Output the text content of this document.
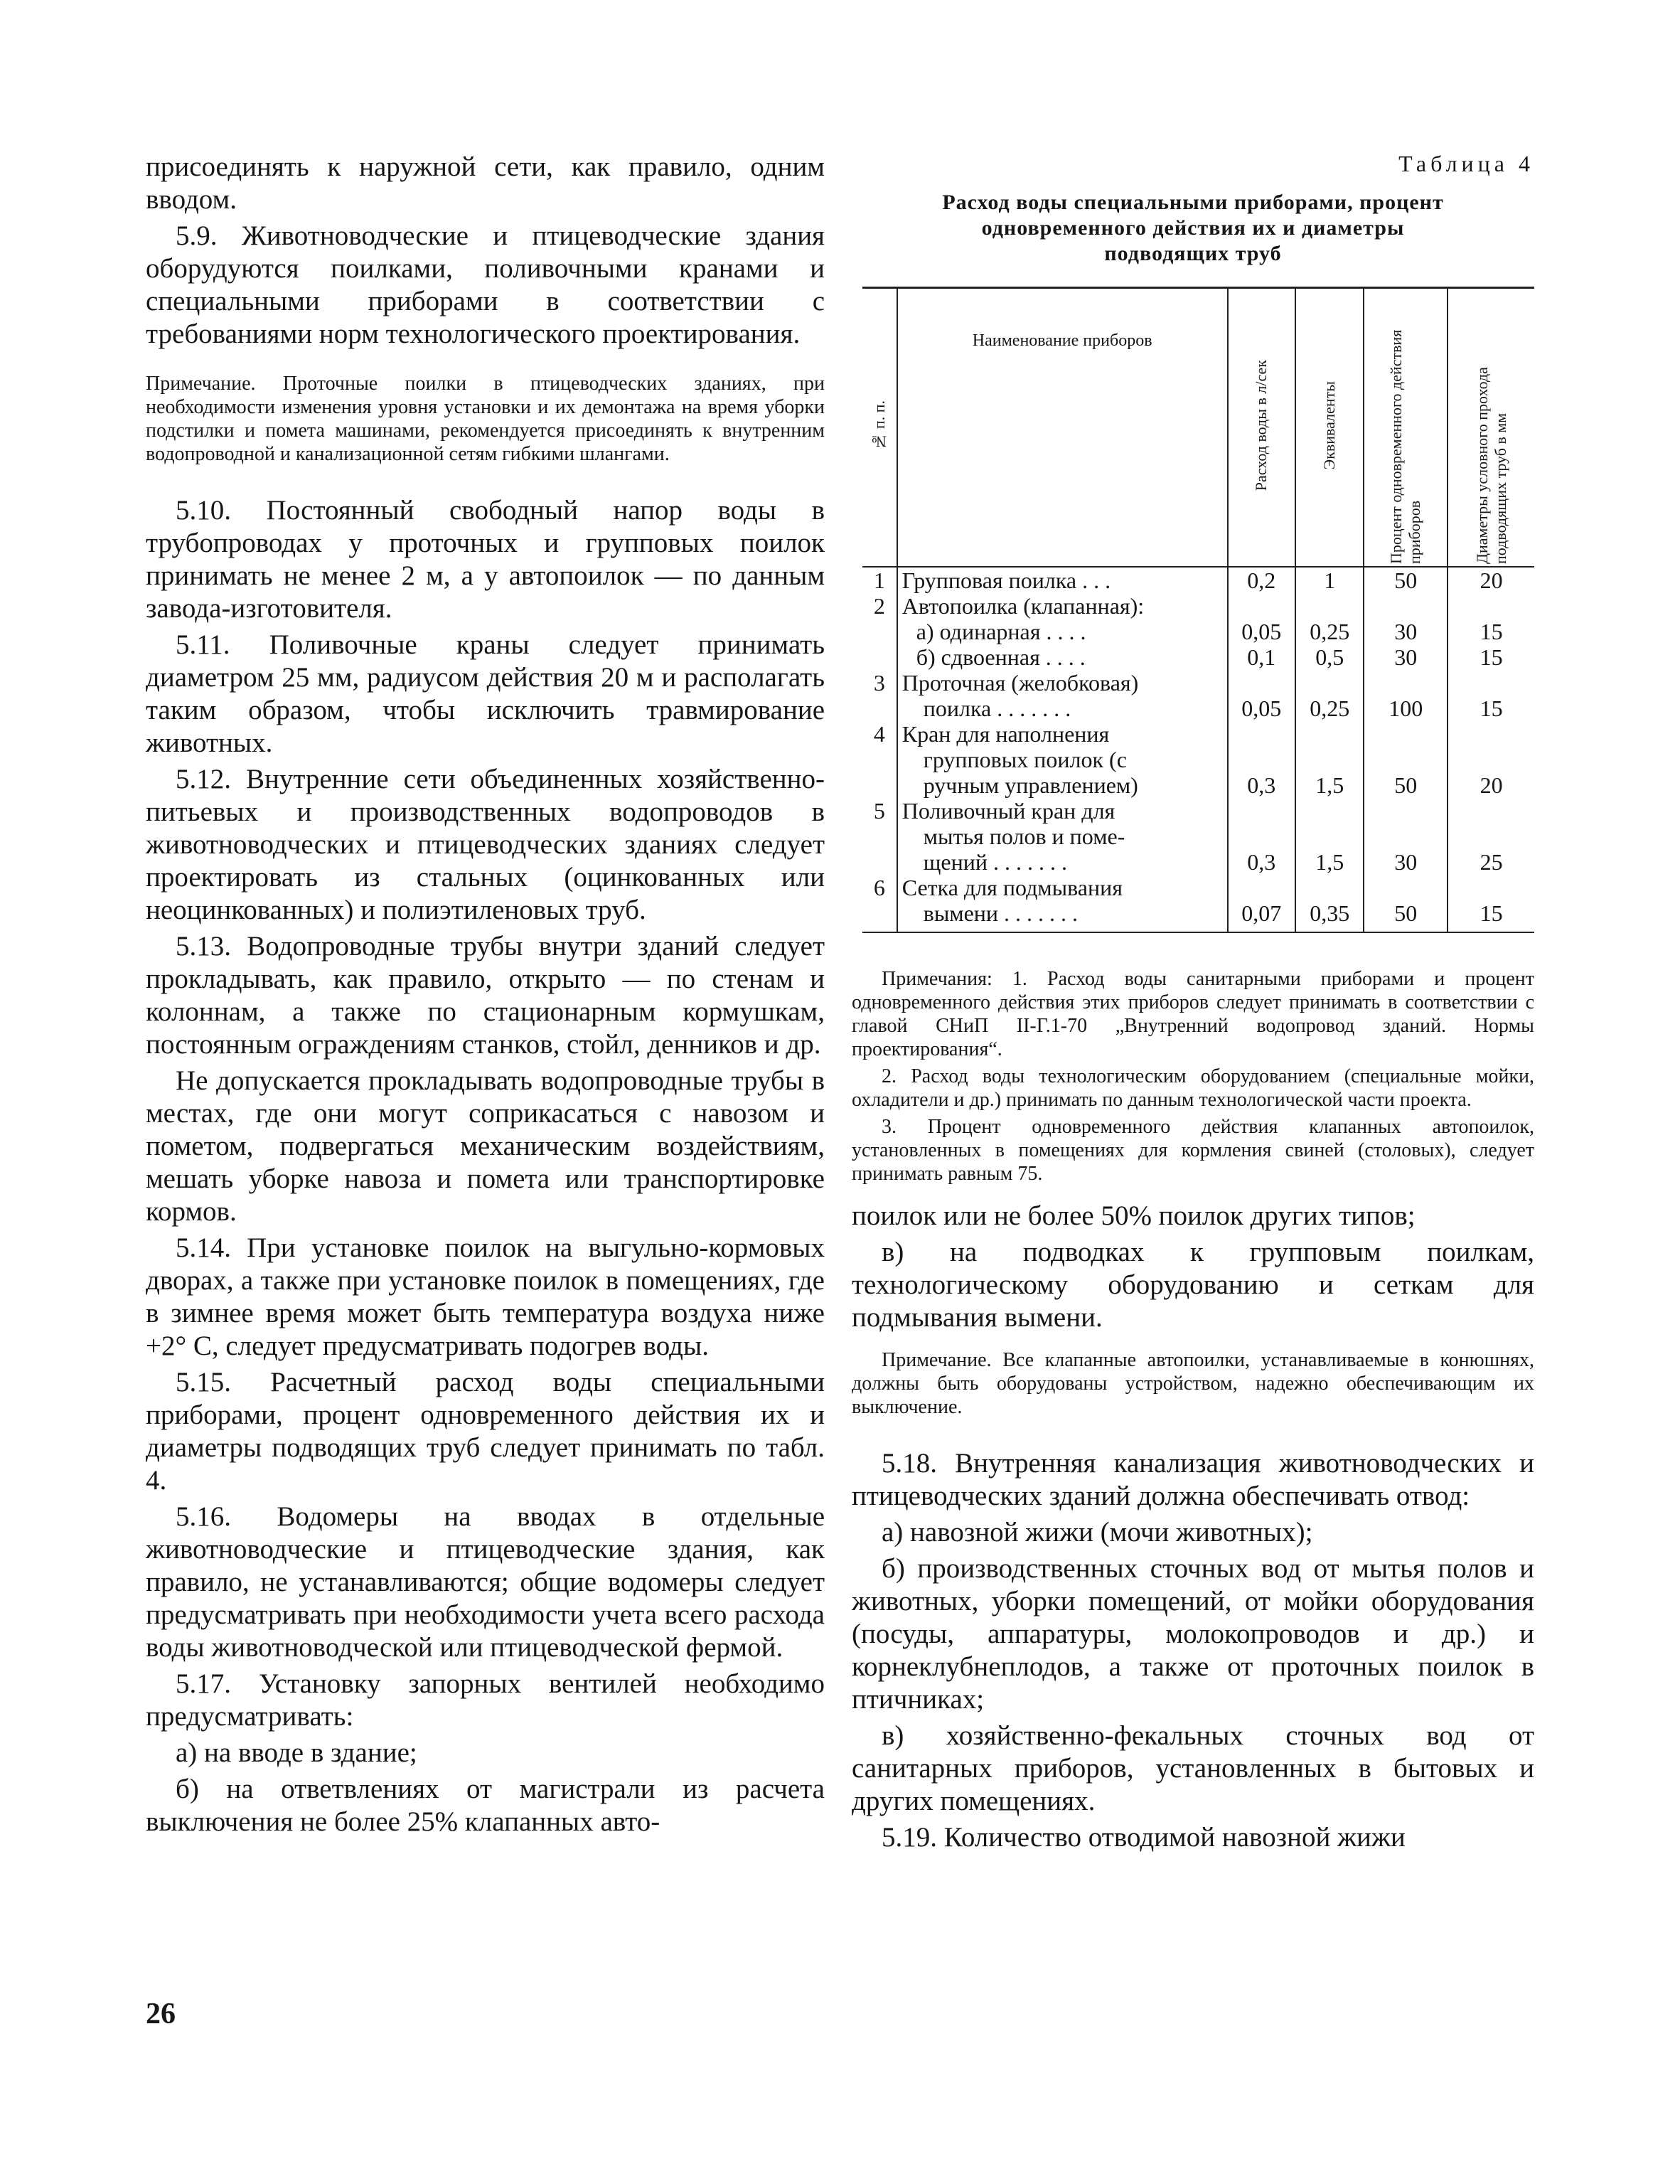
присоединять к наружной сети, как правило, одним вводом.

5.9. Животноводческие и птицеводческие здания оборудуются поилками, поливочными кранами и специальными приборами в соответствии с требованиями норм технологического проектирования.

Примечание. Проточные поилки в птицеводческих зданиях, при необходимости изменения уровня установки и их демонтажа на время уборки подстилки и помета машинами, рекомендуется присоединять к внутренним водопроводной и канализационной сетям гибкими шлангами.

5.10. Постоянный свободный напор воды в трубопроводах у проточных и групповых поилок принимать не менее 2 м, а у автопоилок — по данным завода-изготовителя.

5.11. Поливочные краны следует принимать диаметром 25 мм, радиусом действия 20 м и располагать таким образом, чтобы исключить травмирование животных.

5.12. Внутренние сети объединенных хозяйственно-питьевых и производственных водопроводов в животноводческих и птицеводческих зданиях следует проектировать из стальных (оцинкованных или неоцинкованных) и полиэтиленовых труб.

5.13. Водопроводные трубы внутри зданий следует прокладывать, как правило, открыто — по стенам и колоннам, а также по стационарным кормушкам, постоянным ограждениям станков, стойл, денников и др.

Не допускается прокладывать водопроводные трубы в местах, где они могут соприкасаться с навозом и пометом, подвергаться механическим воздействиям, мешать уборке навоза и помета или транспортировке кормов.

5.14. При установке поилок на выгульно-кормовых дворах, а также при установке поилок в помещениях, где в зимнее время может быть температура воздуха ниже +2° С, следует предусматривать подогрев воды.

5.15. Расчетный расход воды специальными приборами, процент одновременного действия их и диаметры подводящих труб следует принимать по табл. 4.

5.16. Водомеры на вводах в отдельные животноводческие и птицеводческие здания, как правило, не устанавливаются; общие водомеры следует предусматривать при необходимости учета всего расхода воды животноводческой или птицеводческой фермой.

5.17. Установку запорных вентилей необходимо предусматривать:

а) на вводе в здание;

б) на ответвлениях от магистрали из расчета выключения не более 25% клапанных авто-

Таблица 4
Расход воды специальными приборами, процент
одновременного действия их и диаметры
подводящих труб
№ п. п.	Наименование приборов	Расход воды в л/сек	Эквиваленты	Процент одновременного действия приборов	Диаметры условного прохода подводящих труб в мм
1	Групповая поилка . . .	0,2	1	50	20
2	Автопоилка (клапанная):				

	а) одинарная . . . .	0,05	0,25	30	15

	б) сдвоенная . . . .	0,1	0,5	30	15
3	Проточная (желобковая)
поилка . . . . . . .	0,05	0,25	100	15
4	Кран для наполнения
групповых поилок (с
ручным управлением)	0,3	1,5	50	20
5	Поливочный кран для
мытья полов и поме-
щений . . . . . . .	0,3	1,5	30	25
6	Сетка для подмывания
вымени . . . . . . .	0,07	0,35	50	15

Примечания: 1. Расход воды санитарными приборами и процент одновременного действия этих приборов следует принимать в соответствии с главой СНиП II-Г.1-70 „Внутренний водопровод зданий. Нормы проектирования“.

2. Расход воды технологическим оборудованием (специальные мойки, охладители и др.) принимать по данным технологической части проекта.

3. Процент одновременного действия клапанных автопоилок, установленных в помещениях для кормления свиней (столовых), следует принимать равным 75.

поилок или не более 50% поилок других типов;

в) на подводках к групповым поилкам, технологическому оборудованию и сеткам для подмывания вымени.

Примечание. Все клапанные автопоилки, устанавливаемые в конюшнях, должны быть оборудованы устройством, надежно обеспечивающим их выключение.

5.18. Внутренняя канализация животноводческих и птицеводческих зданий должна обеспечивать отвод:

а) навозной жижи (мочи животных);

б) производственных сточных вод от мытья полов и животных, уборки помещений, от мойки оборудования (посуды, аппаратуры, молокопроводов и др.) и корнеклубнеплодов, а также от проточных поилок в птичниках;

в) хозяйственно-фекальных сточных вод от санитарных приборов, установленных в бытовых и других помещениях.

5.19. Количество отводимой навозной жижи

26
